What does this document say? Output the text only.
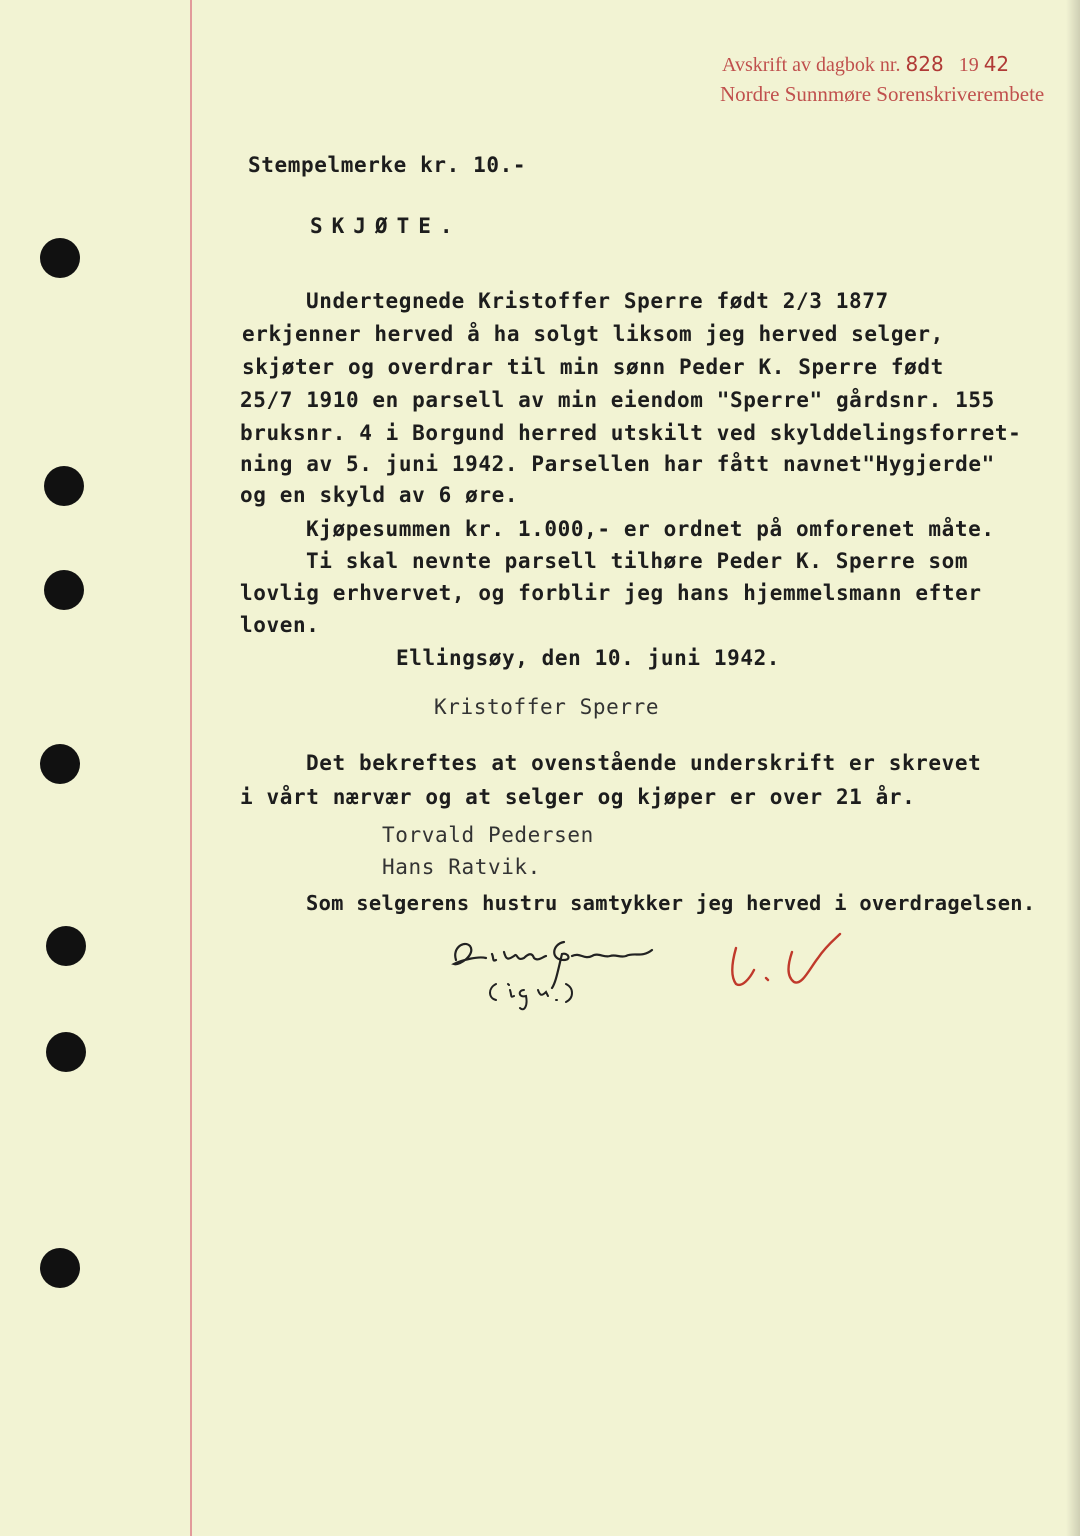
Avskrift av dagbok nr. 828 19 42
Nordre Sunnmøre Sorenskriverembete
Stempelmerke kr. 10.-
SKJØTE.
Undertegnede Kristoffer Sperre født 2/3 1877
erkjenner herved å ha solgt liksom jeg herved selger,
skjøter og overdrar til min sønn Peder K. Sperre født
25/7 1910 en parsell av min eiendom "Sperre" gårdsnr. 155
bruksnr. 4 i Borgund herred utskilt ved skylddelingsforret-
ning av 5. juni 1942. Parsellen har fått navnet"Hygjerde"
og en skyld av 6 øre.
Kjøpesummen kr. 1.000,- er ordnet på omforenet måte.
Ti skal nevnte parsell tilhøre Peder K. Sperre som
lovlig erhvervet, og forblir jeg hans hjemmelsmann efter
loven.
Ellingsøy, den 10. juni 1942.
Kristoffer Sperre
Det bekreftes at ovenstående underskrift er skrevet
i vårt nærvær og at selger og kjøper er over 21 år.
Torvald Pedersen
Hans Ratvik.
Som selgerens hustru samtykker jeg herved i overdragelsen.
